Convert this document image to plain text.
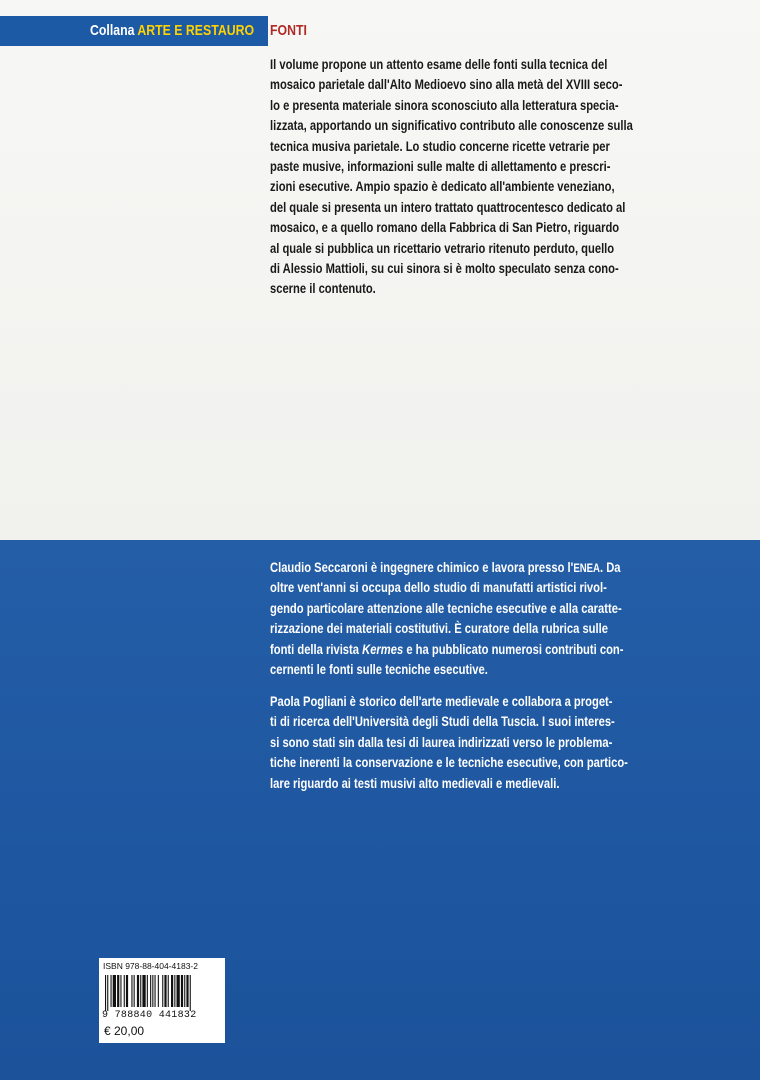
Collana ARTE E RESTAURO FONTI
Il volume propone un attento esame delle fonti sulla tecnica del
mosaico parietale dall'Alto Medioevo sino alla metà del XVIII seco-
lo e presenta materiale sinora sconosciuto alla letteratura specia-
lizzata, apportando un significativo contributo alle conoscenze sulla
tecnica musiva parietale. Lo studio concerne ricette vetrarie per
paste musive, informazioni sulle malte di allettamento e prescri-
zioni esecutive. Ampio spazio è dedicato all'ambiente veneziano,
del quale si presenta un intero trattato quattrocentesco dedicato al
mosaico, e a quello romano della Fabbrica di San Pietro, riguardo
al quale si pubblica un ricettario vetrario ritenuto perduto, quello
di Alessio Mattioli, su cui sinora si è molto speculato senza cono-
scerne il contenuto.
Claudio Seccaroni è ingegnere chimico e lavora presso l'ENEA. Da
oltre vent'anni si occupa dello studio di manufatti artistici rivol-
gendo particolare attenzione alle tecniche esecutive e alla caratte-
rizzazione dei materiali costitutivi. È curatore della rubrica sulle
fonti della rivista Kermes e ha pubblicato numerosi contributi con-
cernenti le fonti sulle tecniche esecutive.
Paola Pogliani è storico dell'arte medievale e collabora a proget-
ti di ricerca dell'Università degli Studi della Tuscia. I suoi interes-
si sono stati sin dalla tesi di laurea indirizzati verso le problema-
tiche inerenti la conservazione e le tecniche esecutive, con partico-
lare riguardo ai testi musivi alto medievali e medievali.
ISBN 978-88-404-4183-2
9 788840 441832
€ 20,00
